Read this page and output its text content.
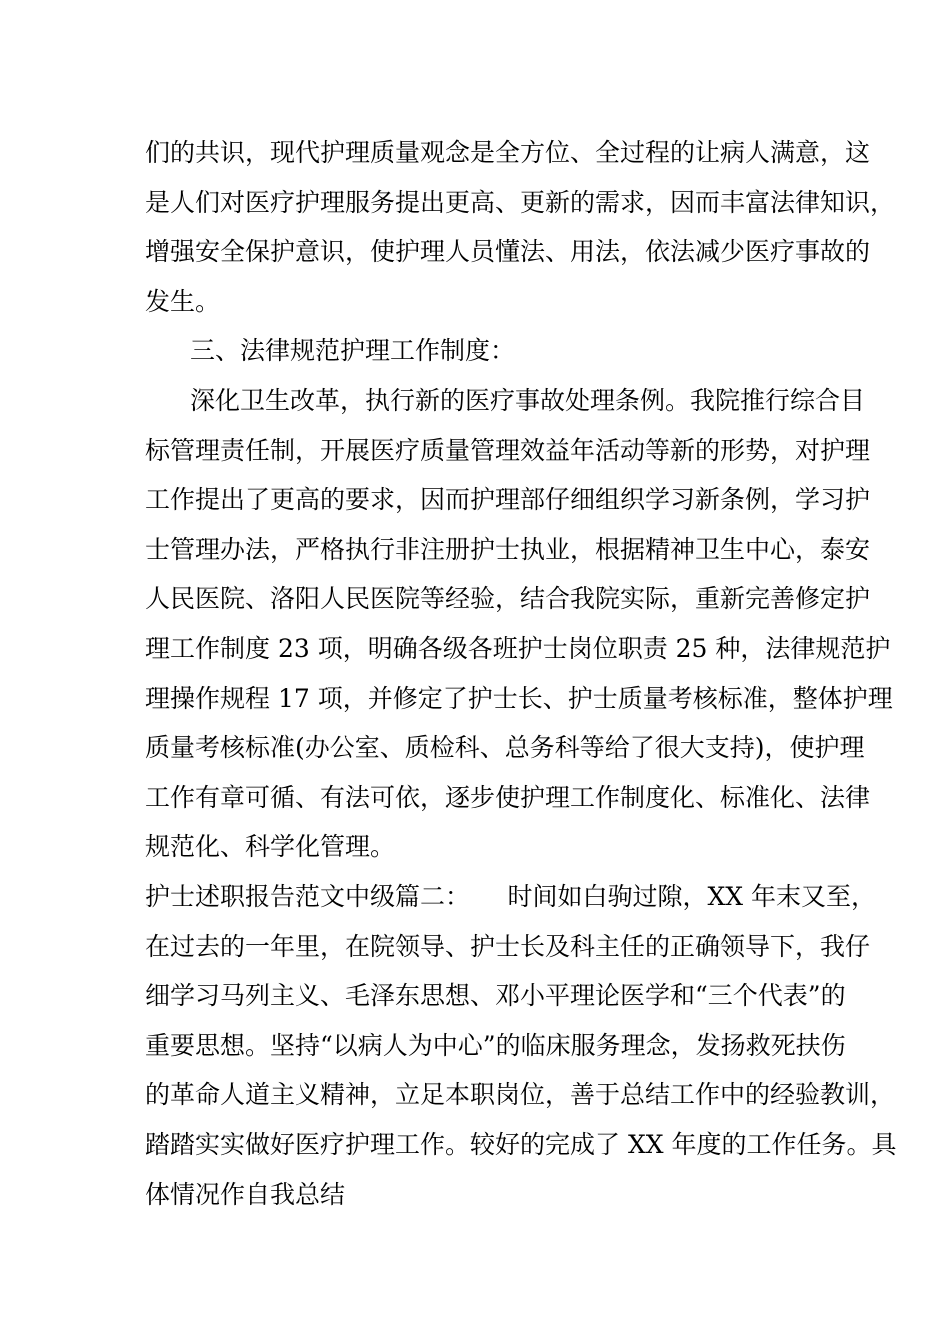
们的共识，现代护理质量观念是全方位、全过程的让病人满意，这
是人们对医疗护理服务提出更高、更新的需求，因而丰富法律知识，
增强安全保护意识，使护理人员懂法、用法，依法减少医疗事故的
发生。
三、法律规范护理工作制度：
深化卫生改革，执行新的医疗事故处理条例。我院推行综合目
标管理责任制，开展医疗质量管理效益年活动等新的形势，对护理
工作提出了更高的要求，因而护理部仔细组织学习新条例，学习护
士管理办法，严格执行非注册护士执业，根据精神卫生中心，泰安
人民医院、洛阳人民医院等经验，结合我院实际，重新完善修定护
理工作制度 23 项，明确各级各班护士岗位职责 25 种，法律规范护
理操作规程 17 项，并修定了护士长、护士质量考核标准，整体护理
质量考核标准(办公室、质检科、总务科等给了很大支持)，使护理
工作有章可循、有法可依，逐步使护理工作制度化、标准化、法律
规范化、科学化管理。
护士述职报告范文中级篇二：　　时间如白驹过隙，XX 年末又至，
在过去的一年里，在院领导、护士长及科主任的正确领导下，我仔
细学习马列主义、毛泽东思想、邓小平理论医学和“三个代表”的
重要思想。坚持“以病人为中心”的临床服务理念，发扬救死扶伤
的革命人道主义精神，立足本职岗位，善于总结工作中的经验教训，
踏踏实实做好医疗护理工作。较好的完成了 XX 年度的工作任务。具
体情况作自我总结
